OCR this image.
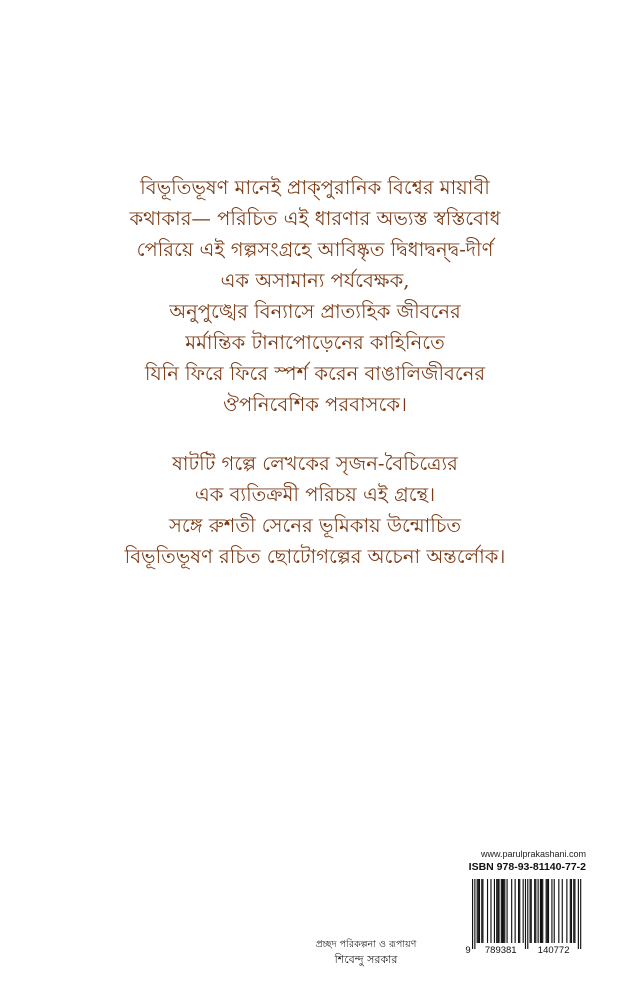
বিভূতিভূষণ মানেই প্রাক্‌পুরানিক বিশ্বের মায়াবী
কথাকার— পরিচিত এই ধারণার অভ্যস্ত স্বস্তিবোধ
পেরিয়ে এই গল্পসংগ্রহে আবিষ্কৃত দ্বিধাদ্বন্দ্ব-দীর্ণ
এক অসামান্য পর্যবেক্ষক,
অনুপুঙ্খের বিন্যাসে প্রাত্যহিক জীবনের
মর্মান্তিক টানাপোড়েনের কাহিনিতে
যিনি ফিরে ফিরে স্পর্শ করেন বাঙালিজীবনের
ঔপনিবেশিক পরবাসকে।
ষাটটি গল্পে লেখকের সৃজন-বৈচিত্র্যের
এক ব্যতিক্রমী পরিচয় এই গ্রন্থে।
সঙ্গে রুশতী সেনের ভূমিকায় উন্মোচিত
বিভূতিভূষণ রচিত ছোটোগল্পের অচেনা অন্তর্লোক।
www.parulprakashani.com
ISBN 978-93-81140-77-2
9 789381 140772
প্রচ্ছদ পরিকল্পনা ও রূপায়ণ
শিবেন্দু সরকার
